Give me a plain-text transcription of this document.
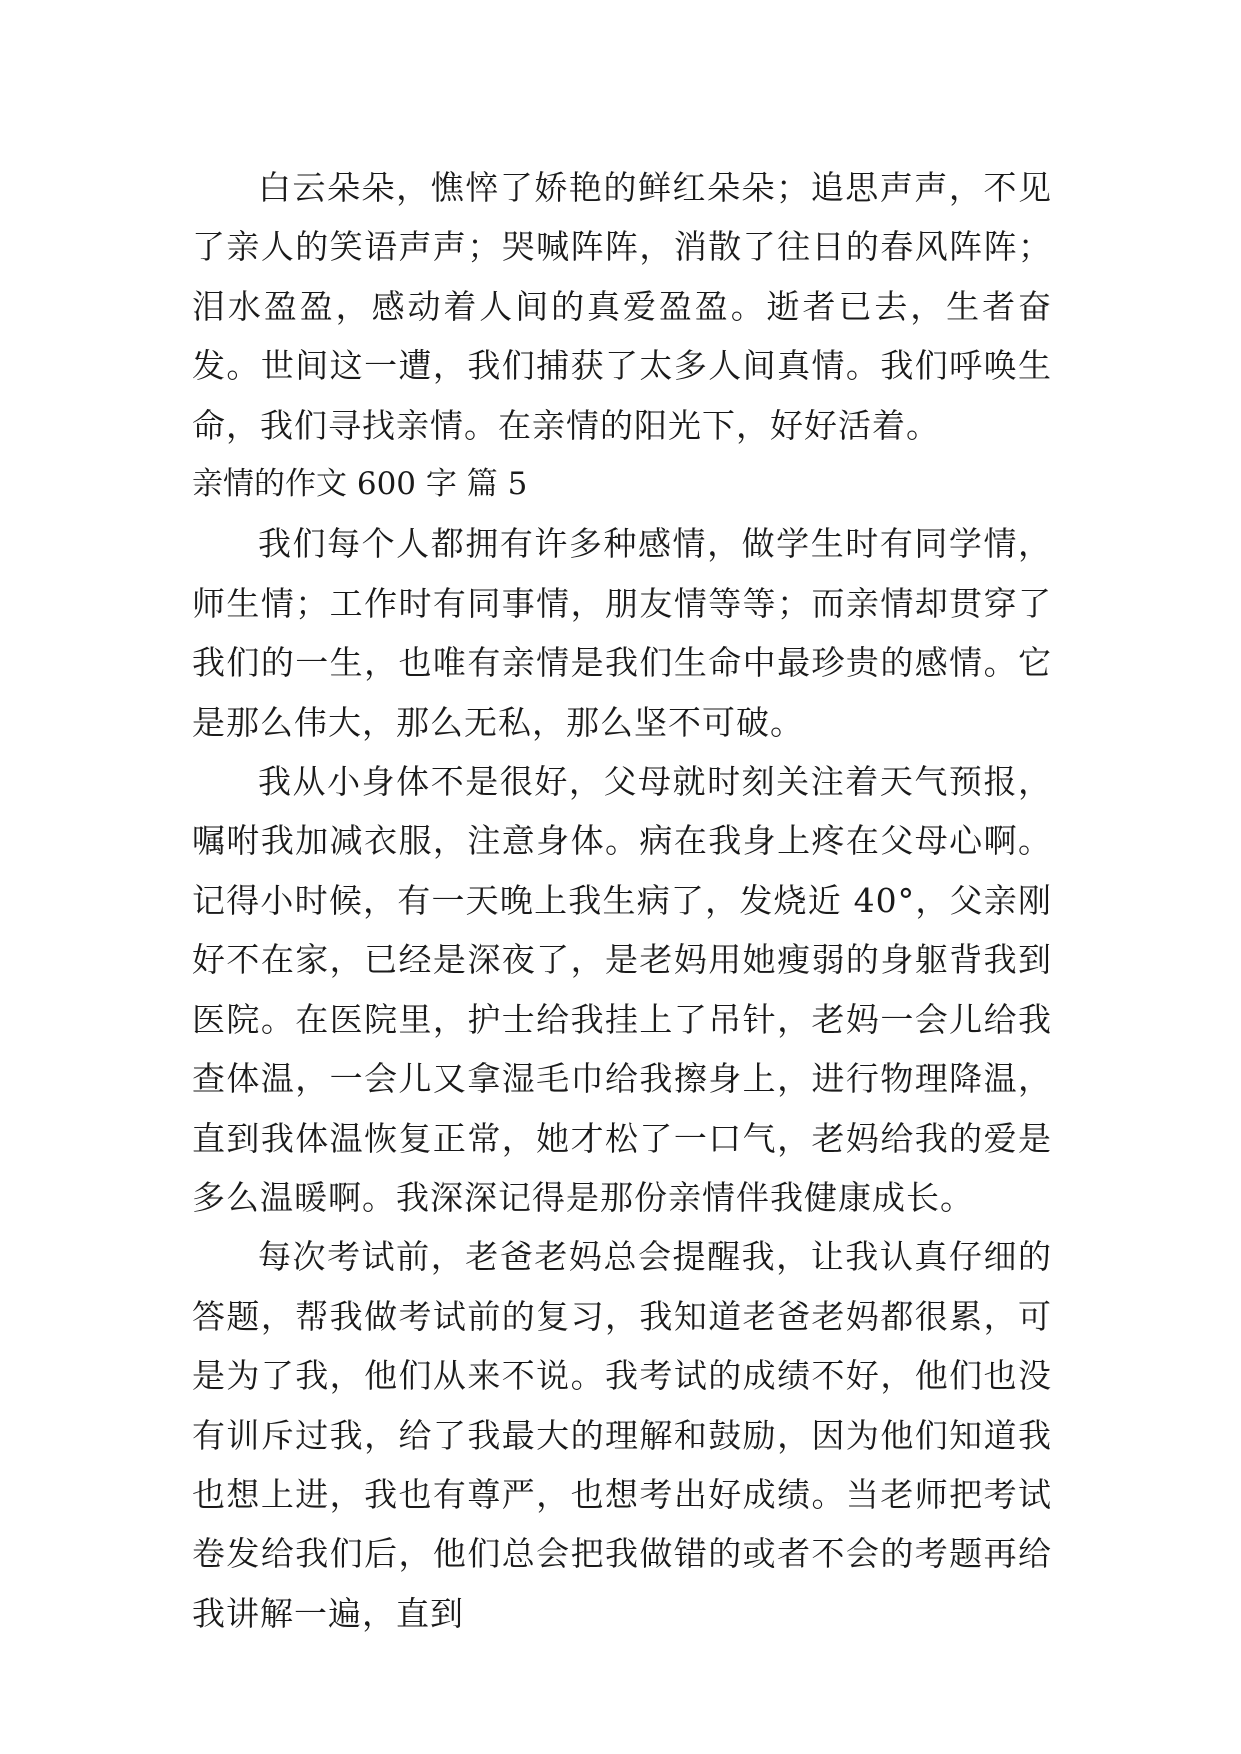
白云朵朵，憔悴了娇艳的鲜红朵朵；追思声声，不见了亲人的笑语声声；哭喊阵阵，消散了往日的春风阵阵；泪水盈盈，感动着人间的真爱盈盈。逝者已去，生者奋发。世间这一遭，我们捕获了太多人间真情。我们呼唤生命，我们寻找亲情。在亲情的阳光下，好好活着。

亲情的作文 600 字 篇 5

我们每个人都拥有许多种感情，做学生时有同学情，师生情；工作时有同事情，朋友情等等；而亲情却贯穿了我们的一生，也唯有亲情是我们生命中最珍贵的感情。它是那么伟大，那么无私，那么坚不可破。

我从小身体不是很好，父母就时刻关注着天气预报，嘱咐我加减衣服，注意身体。病在我身上疼在父母心啊。记得小时候，有一天晚上我生病了，发烧近 40°，父亲刚好不在家，已经是深夜了，是老妈用她瘦弱的身躯背我到医院。在医院里，护士给我挂上了吊针，老妈一会儿给我查体温，一会儿又拿湿毛巾给我擦身上，进行物理降温，直到我体温恢复正常，她才松了一口气，老妈给我的爱是多么温暖啊。我深深记得是那份亲情伴我健康成长。

每次考试前，老爸老妈总会提醒我，让我认真仔细的答题，帮我做考试前的复习，我知道老爸老妈都很累，可是为了我，他们从来不说。我考试的成绩不好，他们也没有训斥过我，给了我最大的理解和鼓励，因为他们知道我也想上进，我也有尊严，也想考出好成绩。当老师把考试卷发给我们后，他们总会把我做错的或者不会的考题再给我讲解一遍，直到
